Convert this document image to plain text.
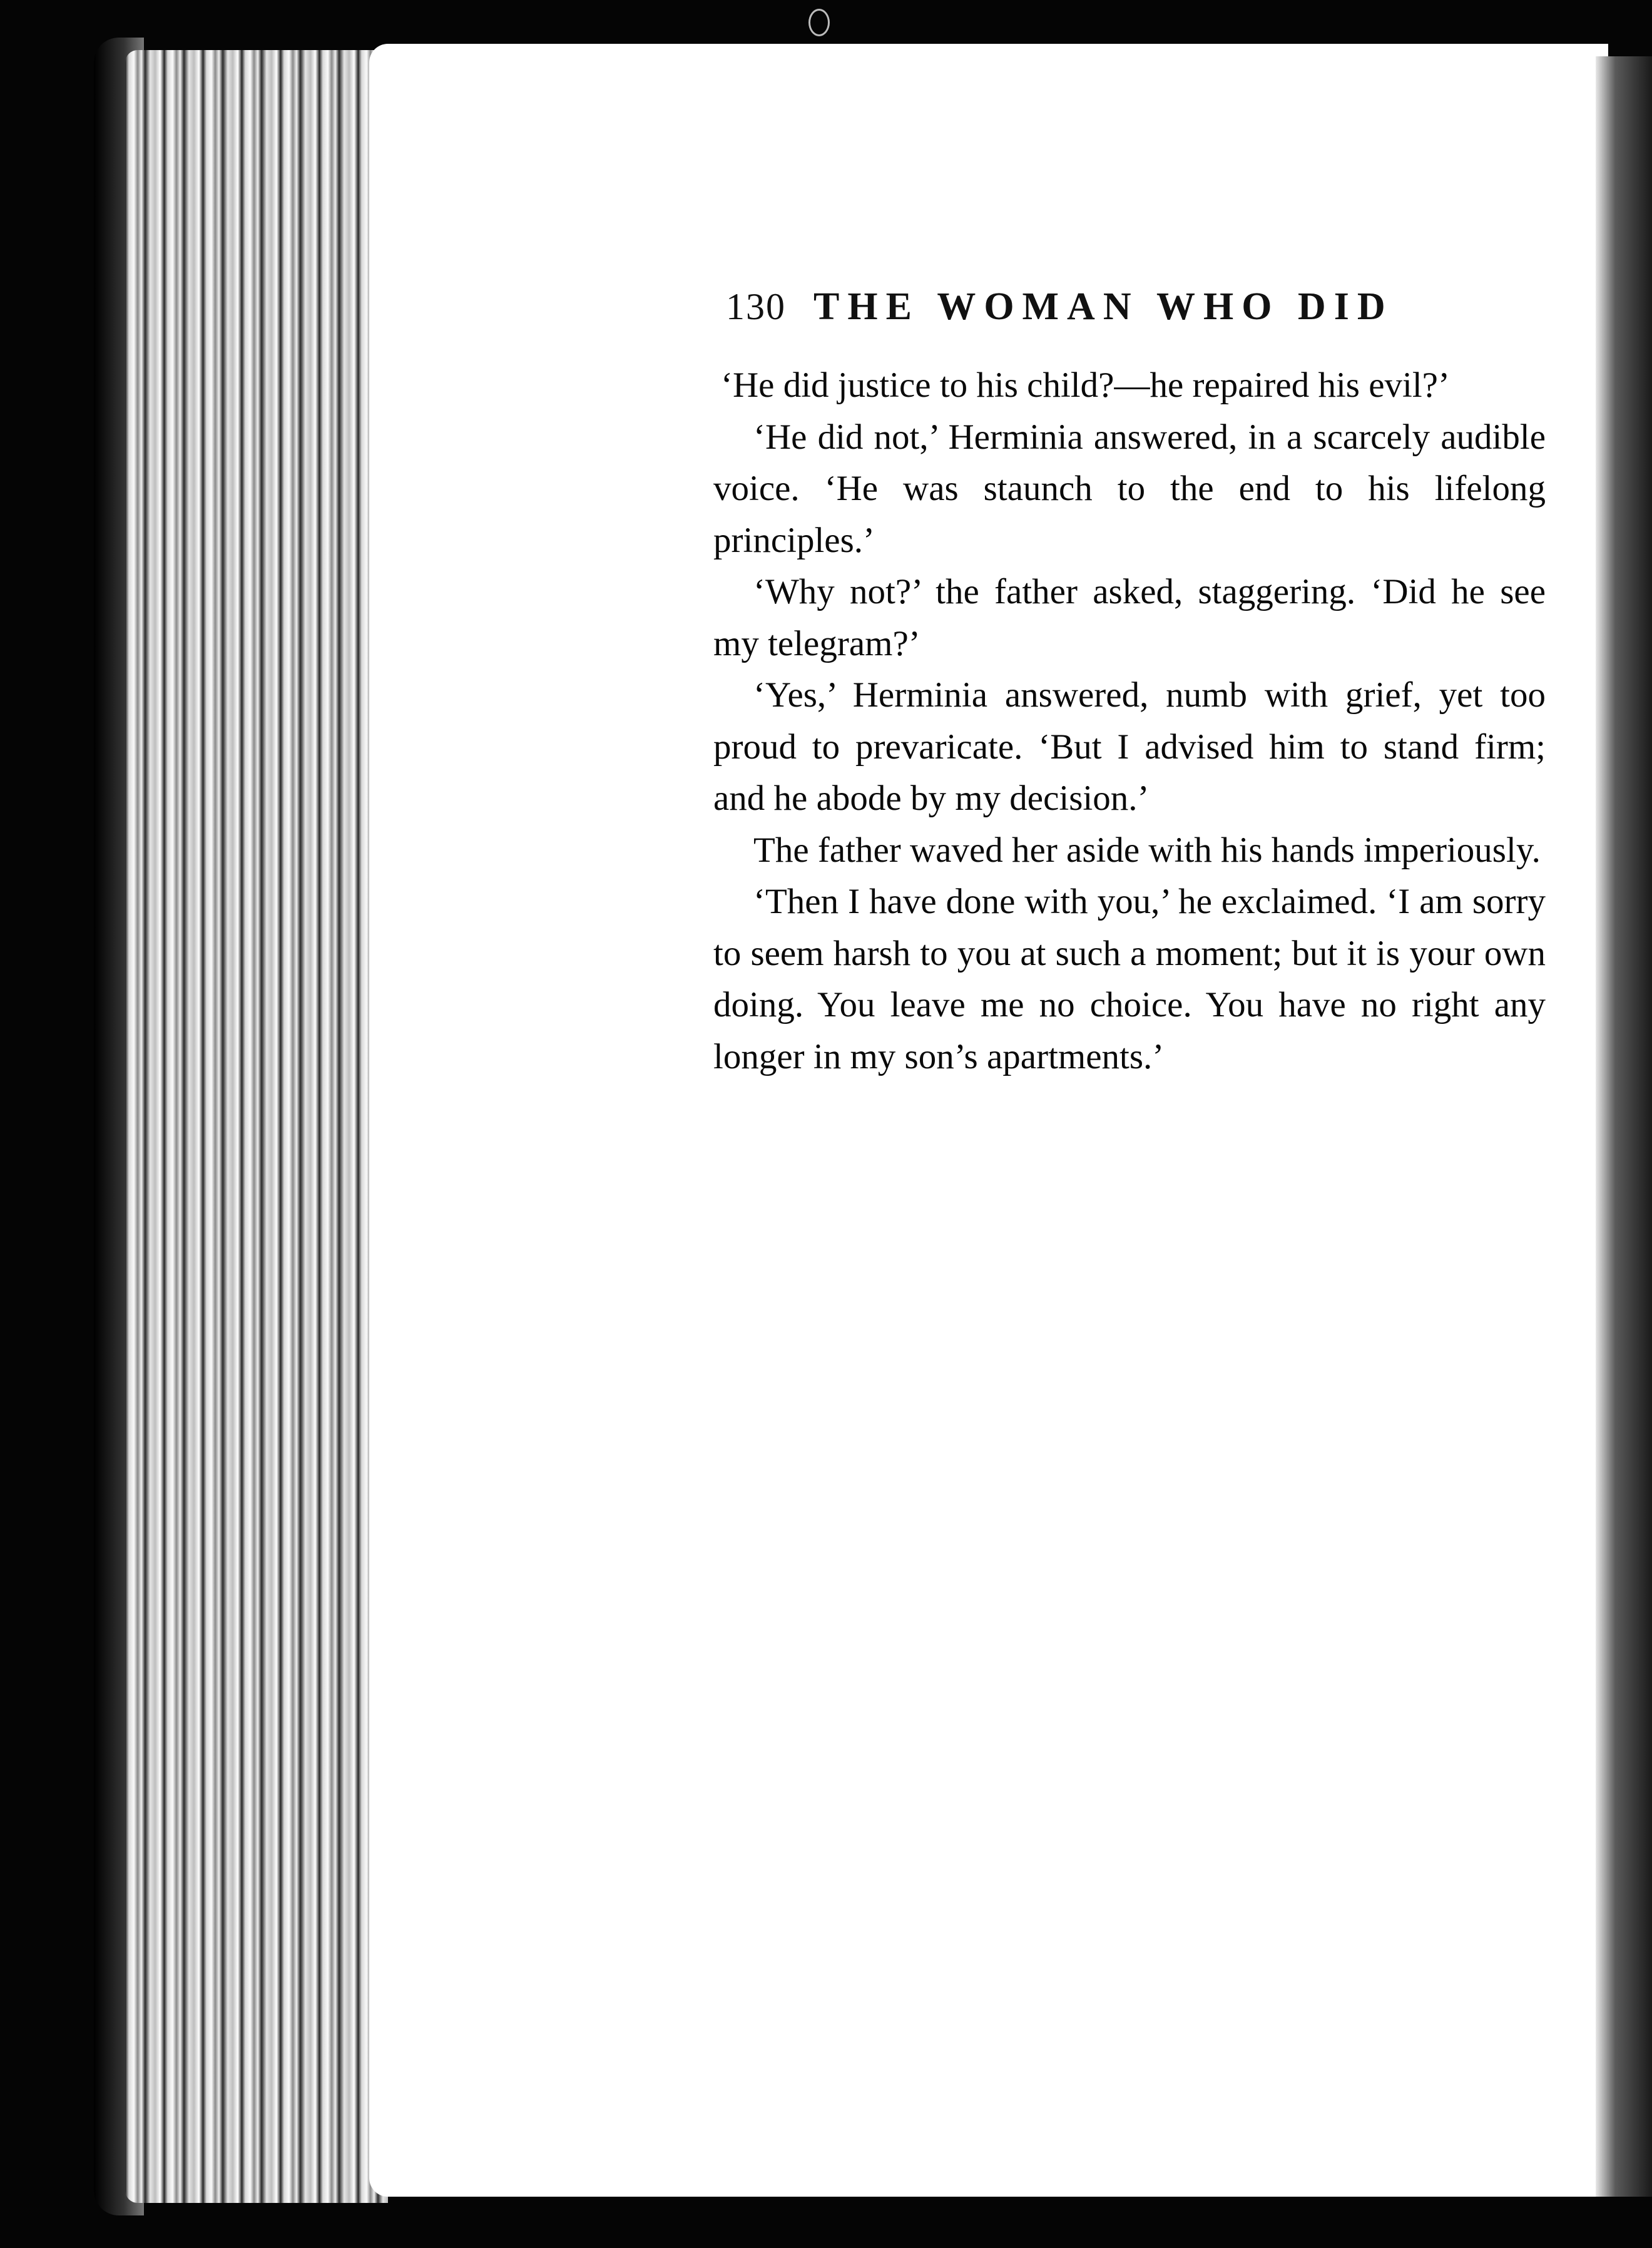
130 THE WOMAN WHO DID

‘He did justice to his child?—he repaired his evil?’

‘He did not,’ Herminia answered, in a scarcely audible voice. ‘He was staunch to the end to his lifelong principles.’

‘Why not?’ the father asked, staggering. ‘Did he see my telegram?’

‘Yes,’ Herminia answered, numb with grief, yet too proud to prevaricate. ‘But I advised him to stand firm; and he abode by my decision.’

The father waved her aside with his hands imperiously.

‘Then I have done with you,’ he exclaimed. ‘I am sorry to seem harsh to you at such a moment; but it is your own doing. You leave me no choice. You have no right any longer in my son’s apartments.’
